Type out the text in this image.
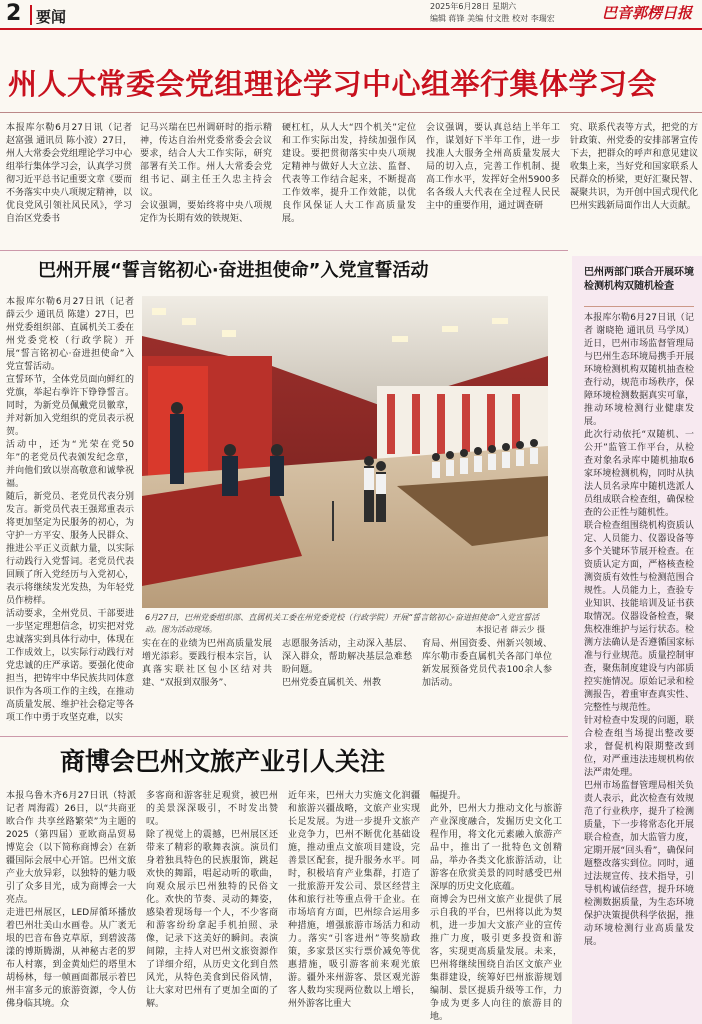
2 要闻
2025年6月28日 星期六
编辑 蒋锋 美编 付文胜 校对 李瑞宏	巴音郭楞日报
州人大常委会党组理论学习中心组举行集体学习会
本报库尔勒6月27日讯（记者 赵富强 通讯员 陈小波）27日，州人大常委会党组理论学习中心组举行集体学习会，认真学习贯彻习近平总书记重要文章《要而不务落实中央八项规定精神，以优良党风引领社风民风》，学习自治区党委书
记马兴瑞在巴州调研时的指示精神，传达自治州党委常委会会议要求，结合人大工作实际，研究部署有关工作。州人大常委会党组书记、副主任王久忠主持会议。
会议强调，要始终将中央八项规定作为长期有效的铁规矩、
硬杠杠，从人大“四个机关”定位和工作实际出发，持续加强作风建设。要把贯彻落实中央八项规定精神与做好人大立法、监督、代表等工作结合起来，不断提高工作效率，提升工作效能，以优良作风保证人大工作高质量发展。
会议强调，要认真总结上半年工作，谋划好下半年工作，进一步找准人大服务全州高质量发展大局的切入点，完善工作机制、提高工作水平，发挥好全州5900多名各级人大代表在全过程人民民主中的重要作用，通过调查研
究、联系代表等方式，把党的方针政策、州党委的安排部署宣传下去，把群众的呼声和意见建议收集上来，当好党和国家联系人民群众的桥梁，更好汇聚民智、凝聚共识，为开创中国式现代化巴州实践新局面作出人大贡献。
巴州开展“誓言铭初心·奋进担使命”入党宣誓活动
本报库尔勒6月27日讯（记者 薛云少 通讯员 陈建）27日，巴州党委组织部、直属机关工委在州党委党校（行政学院）开展“誓言铭初心·奋进担使命”入党宣誓活动。
宣誓环节，全体党员面向鲜红的党旗，举起右拳许下铮铮誓言。同时，为新党员佩戴党员徽章，并对新加入党组织的党员表示祝贺。
活动中，还为“光荣在党50年”的老党员代表颁发纪念章，并向他们致以崇高敬意和诚挚祝福。
随后，新党员、老党员代表分别发言。新党员代表王强郑重表示将更加坚定为民服务的初心，为守护一方平安、服务人民群众、推进公平正义贡献力量，以实际行动践行入党誓词。老党员代表回顾了所入党经历与入党初心，表示将继续发光发热，为年轻党员作榜样。
活动要求，全州党员、干部要进一步坚定理想信念，切实把对党忠诚落实到具体行动中，体现在工作成效上，以实际行动践行对党忠诚的庄严承诺。要强化使命担当，把铸牢中华民族共同体意识作为各项工作的主线，在推动高质量发展、维护社会稳定等各项工作中勇于攻坚克难，以实
6月27日，巴州党委组织部、直属机关工委在州党委党校（行政学院）开展“誓言铭初心·奋进担使命”入党宣誓活动。图为活动现场。	本报记者 薛云少 摄
实在在的业绩为巴州高质量发展增光添彩。要践行根本宗旨，认真落实联社区包小区结对共建、“双报到双服务”、
志愿服务活动，主动深入基层、深入群众，帮助解决基层急难愁盼问题。
巴州党委直属机关、州教
育局、州国资委、州新兴领域、库尔勒市委直属机关各部门单位新发展预备党员代表100余人参加活动。
巴州两部门联合开展环境检测机构双随机检查
本报库尔勒6月27日讯（记者 谢晓艳 通讯员 马学凤）近日，巴州市场监督管理局与巴州生态环境局携手开展环境检测机构双随机抽查检查行动，规范市场秩序，保障环境检测数据真实可靠，推动环境检测行业健康发展。
此次行动依托“双随机、一公开”监管工作平台，从检查对象名录库中随机抽取6家环境检测机构，同时从执法人员名录库中随机选派人员组成联合检查组，确保检查的公正性与随机性。
联合检查组围绕机构资质认定、人员能力、仪器设备等多个关键环节展开检查。在资质认定方面，严格核查检测资质有效性与检测范围合规性。人员能力上，查验专业知识、技能培训及证书获取情况。仪器设备检查，聚焦校准维护与运行状态。检测方法确认是否遵循国家标准与行业规范。质量控制审查，聚焦制度建设与内部质控实施情况。原始记录和检测报告，着重审查真实性、完整性与规范性。
针对检查中发现的问题，联合检查组当场提出整改要求，督促机构限期整改到位，对严重违法违规机构依法严肃处理。
巴州市场监督管理局相关负责人表示，此次检查有效规范了行业秩序，提升了检测质量，下一步将常态化开展联合检查，加大监管力度，定期开展“回头看”，确保问题整改落实到位。同时，通过法规宣传、技术指导，引导机构诚信经营，提升环境检测数据质量，为生态环境保护决策提供科学依据，推动环境检测行业高质量发展。
商博会巴州文旅产业引人关注
本报乌鲁木齐6月27日讯（特派记者 周海霞）26日，以“共商亚欧合作 共享丝路繁荣”为主题的2025（第四届）亚欧商品贸易博览会（以下简称商博会）在新疆国际会展中心开馆。巴州文旅产业大放异彩，以独特的魅力吸引了众多目光，成为商博会一大亮点。
走进巴州展区，LED屏循环播放着巴州壮美山水画卷。从广袤无垠的巴音布鲁克草原，到碧波荡漾的博斯腾湖，从神秘古老的罗布人村寨，到金黄灿烂的塔里木胡杨林，每一帧画面都展示着巴州丰富多元的旅游资源，令人仿佛身临其境。众
多客商和游客驻足观赏，被巴州的美景深深吸引，不时发出赞叹。
除了视觉上的震撼，巴州展区还带来了精彩的歌舞表演。演员们身着独具特色的民族服饰，跳起欢快的舞蹈，唱起动听的歌曲，向观众展示巴州独特的民俗文化。欢快的节奏、灵动的舞姿，感染着现场每一个人，不少客商和游客纷纷拿起手机拍照、录像，记录下这美好的瞬间。表演间隙，主持人对巴州文旅资源作了详细介绍，从历史文化到自然风光，从特色美食到民俗风情，让大家对巴州有了更加全面的了解。
近年来，巴州大力实施文化润疆和旅游兴疆战略，文旅产业实现长足发展。为进一步提升文旅产业竞争力，巴州不断优化基础设施，推动重点文旅项目建设，完善景区配套，提升服务水平。同时，积极培育产业集群，打造了一批旅游开发公司、景区经营主体和旅行社等重点骨干企业。在市场培育方面，巴州综合运用多种措施，增强旅游市场活力和动力。落实“引客进州”等奖励政策，多家景区实行票价减免等优惠措施，吸引游客前来观光旅游。疆外来州游客、景区观光游客人数均实现两位数以上增长，州外游客比重大
幅提升。
此外，巴州大力推动文化与旅游产业深度融合，发掘历史文化工程作用，将文化元素融入旅游产品中，推出了一批特色文创精品，举办各类文化旅游活动，让游客在欣赏美景的同时感受巴州深厚的历史文化底蕴。
商博会为巴州文旅产业提供了展示自我的平台，巴州将以此为契机，进一步加大文旅产业的宣传推广力度，吸引更多投资和游客，实现更高质量发展。未来，巴州将继续围绕自治区文旅产业集群建设，统筹好巴州旅游规划编制、景区提质升级等工作，力争成为更多人向往的旅游目的地。
